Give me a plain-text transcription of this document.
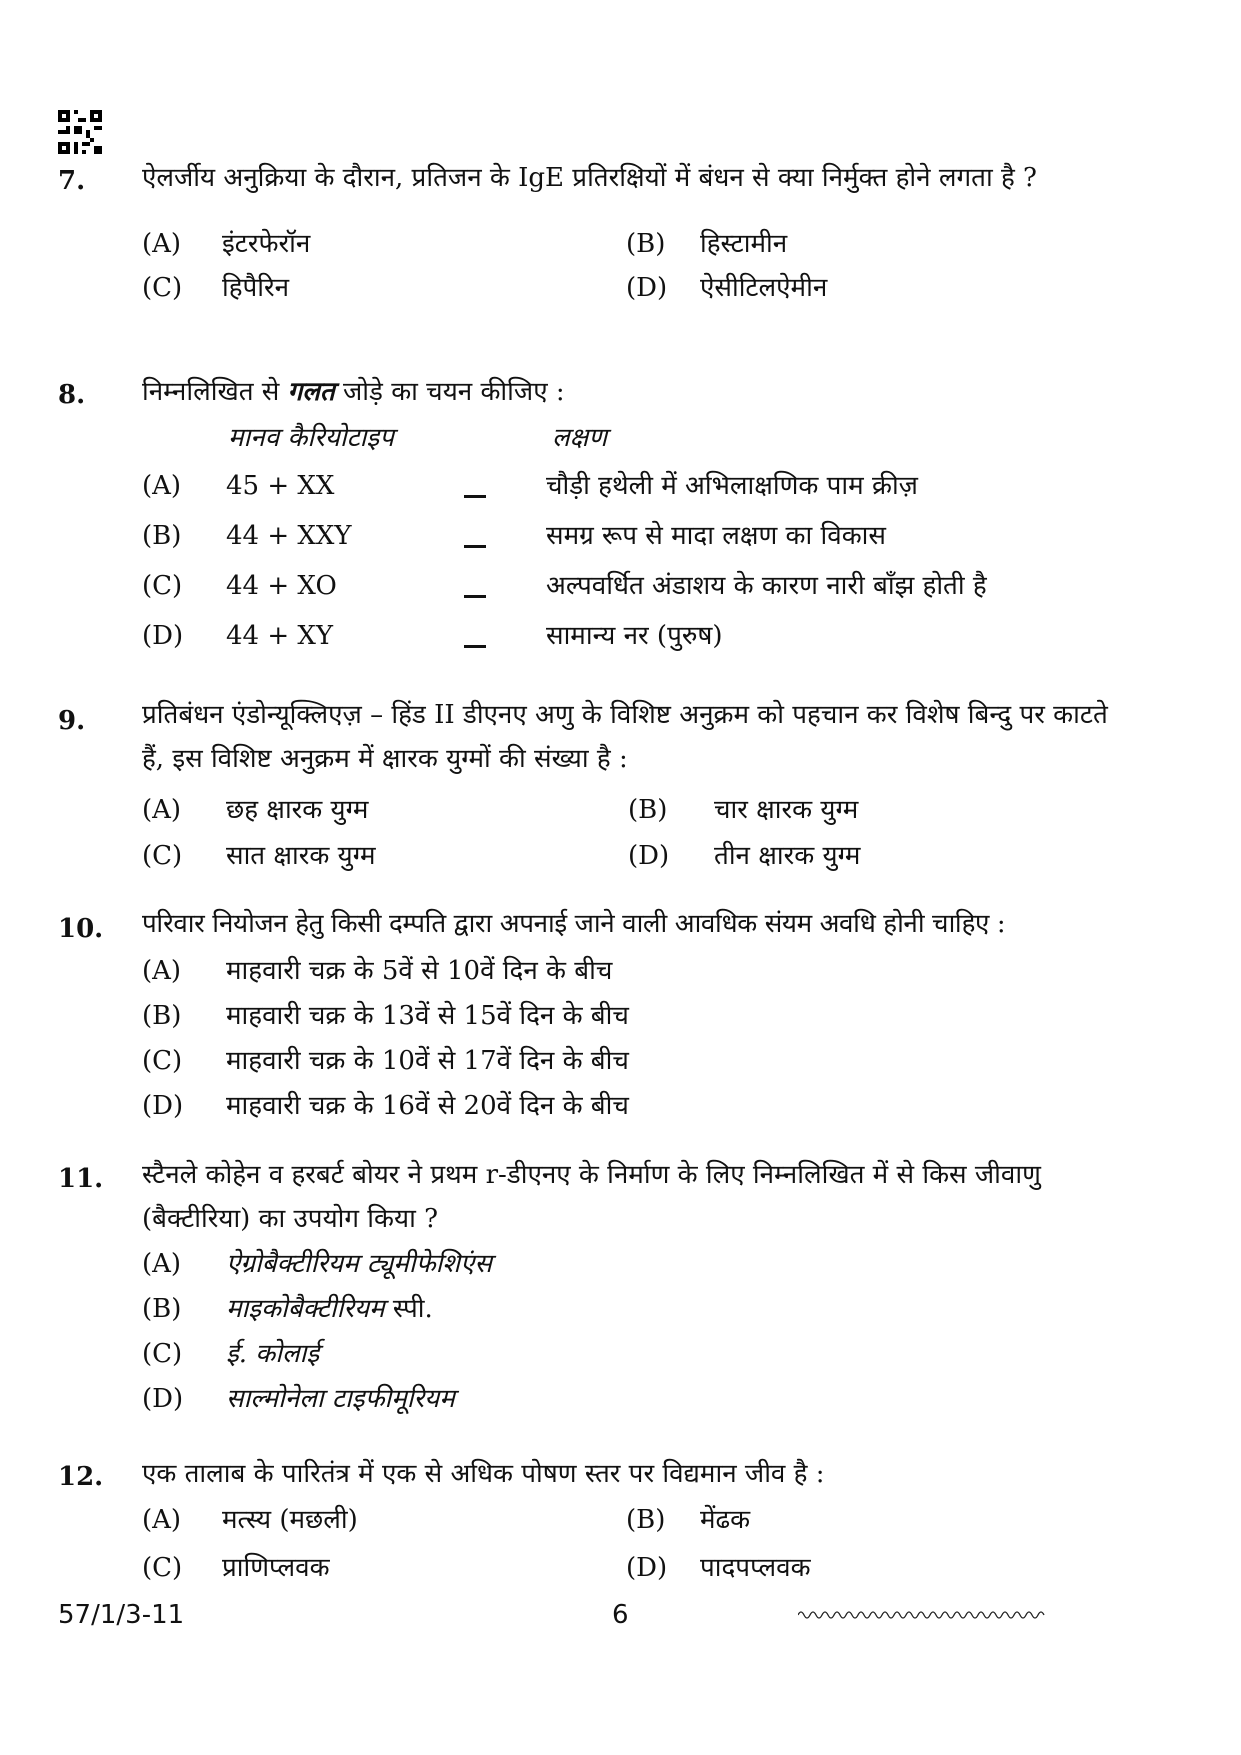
7. ऐलर्जीय अनुक्रिया के दौरान, प्रतिजन के IgE प्रतिरक्षियों में बंधन से क्या निर्मुक्त होने लगता है ?
(A) इंटरफेरॉन	(B) हिस्टामीन
(C) हिपैरिन	(D) ऐसीटिलऐमीन
8. निम्नलिखित से गलत जोड़े का चयन कीजिए :
मानव कैरियोटाइप	लक्षण
(A) 45 + XX	चौड़ी हथेली में अभिलाक्षणिक पाम क्रीज़
(B) 44 + XXY	समग्र रूप से मादा लक्षण का विकास
(C) 44 + XO	अल्पवर्धित अंडाशय के कारण नारी बाँझ होती है
(D) 44 + XY	सामान्य नर (पुरुष)
9. प्रतिबंधन एंडोन्यूक्लिएज़ – हिंड II डीएनए अणु के विशिष्ट अनुक्रम को पहचान कर विशेष बिन्दु पर काटते हैं, इस विशिष्ट अनुक्रम में क्षारक युग्मों की संख्या है :
(A) छह क्षारक युग्म	(B) चार क्षारक युग्म
(C) सात क्षारक युग्म	(D) तीन क्षारक युग्म
10. परिवार नियोजन हेतु किसी दम्पति द्वारा अपनाई जाने वाली आवधिक संयम अवधि होनी चाहिए :
(A) माहवारी चक्र के 5वें से 10वें दिन के बीच
(B) माहवारी चक्र के 13वें से 15वें दिन के बीच
(C) माहवारी चक्र के 10वें से 17वें दिन के बीच
(D) माहवारी चक्र के 16वें से 20वें दिन के बीच
11. स्टैनले कोहेन व हरबर्ट बोयर ने प्रथम r-डीएनए के निर्माण के लिए निम्नलिखित में से किस जीवाणु (बैक्टीरिया) का उपयोग किया ?
(A) ऐग्रोबैक्टीरियम ट्यूमीफेशिएंस
(B) माइकोबैक्टीरियम स्पी.
(C) ई. कोलाई
(D) साल्मोनेला टाइफीमूरियम
12. एक तालाब के पारितंत्र में एक से अधिक पोषण स्तर पर विद्यमान जीव है :
(A) मत्स्य (मछली)	(B) मेंढक
(C) प्राणिप्लवक	(D) पादपप्लवक
57/1/3-11	6
